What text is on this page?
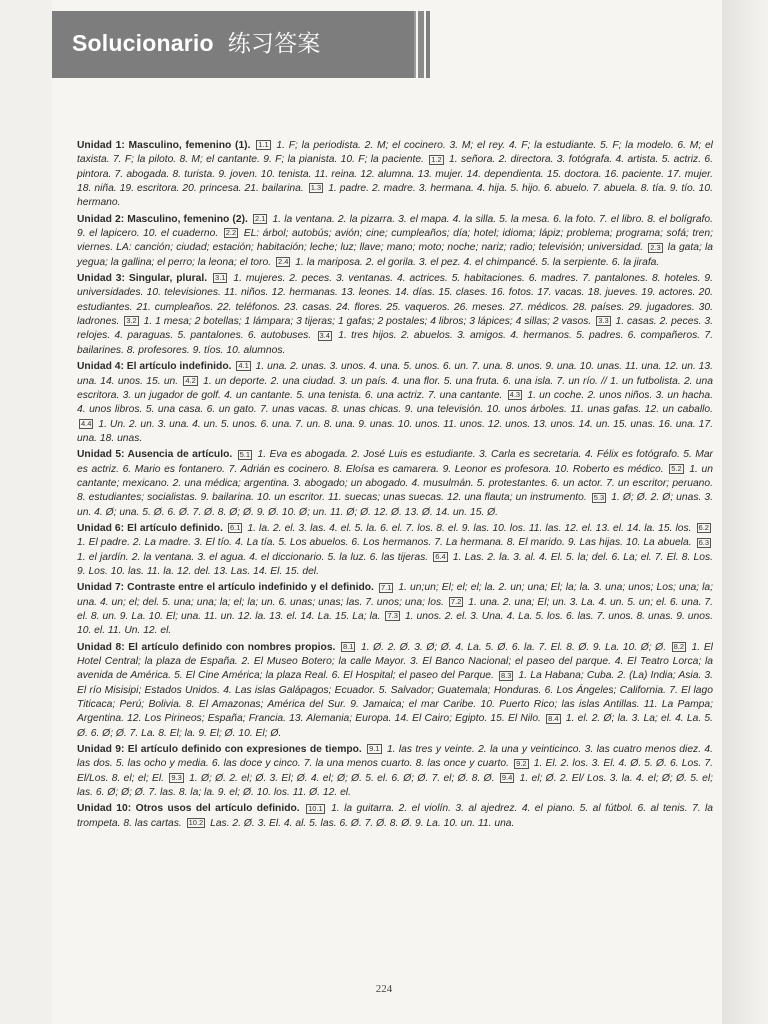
Solucionario 练习答案

Unidad 1: Masculino, femenino (1). 1.1 1. F; la periodista. 2. M; el cocinero. 3. M; el rey. 4. F; la estudiante. 5. F; la modelo. 6. M; el taxista. 7. F; la piloto. 8. M; el cantante. 9. F; la pianista. 10. F; la paciente. 1.2 1. señora. 2. directora. 3. fotógrafa. 4. artista. 5. actriz. 6. pintora. 7. abogada. 8. turista. 9. joven. 10. tenista. 11. reina. 12. alumna. 13. mujer. 14. dependienta. 15. doctora. 16. paciente. 17. mujer. 18. niña. 19. escritora. 20. princesa. 21. bailarina. 1.3 1. padre. 2. madre. 3. hermana. 4. hija. 5. hijo. 6. abuelo. 7. abuela. 8. tía. 9. tío. 10. hermano.

Unidad 2: Masculino, femenino (2). 2.1 1. la ventana. 2. la pizarra. 3. el mapa. 4. la silla. 5. la mesa. 6. la foto. 7. el libro. 8. el bolígrafo. 9. el lapicero. 10. el cuaderno. 2.2 EL: árbol; autobús; avión; cine; cumpleaños; día; hotel; idioma; lápiz; problema; programa; sofá; tren; viernes. LA: canción; ciudad; estación; habitación; leche; luz; llave; mano; moto; noche; nariz; radio; televisión; universidad. 2.3 la gata; la yegua; la gallina; el perro; la leona; el toro. 2.4 1. la mariposa. 2. el gorila. 3. el pez. 4. el chimpancé. 5. la serpiente. 6. la jirafa.

Unidad 3: Singular, plural. 3.1 1. mujeres. 2. peces. 3. ventanas. 4. actrices. 5. habitaciones. 6. madres. 7. pantalones. 8. hoteles. 9. universidades. 10. televisiones. 11. niños. 12. hermanas. 13. leones. 14. días. 15. clases. 16. fotos. 17. vacas. 18. jueves. 19. actores. 20. estudiantes. 21. cumpleaños. 22. teléfonos. 23. casas. 24. flores. 25. vaqueros. 26. meses. 27. médicos. 28. países. 29. jugadores. 30. ladrones. 3.2 1. 1 mesa; 2 botellas; 1 lámpara; 3 tijeras; 1 gafas; 2 postales; 4 libros; 3 lápices; 4 sillas; 2 vasos. 3.3 1. casas. 2. peces. 3. relojes. 4. paraguas. 5. pantalones. 6. autobuses. 3.4 1. tres hijos. 2. abuelos. 3. amigos. 4. hermanos. 5. padres. 6. compañeros. 7. bailarines. 8. profesores. 9. tíos. 10. alumnos.

Unidad 4: El artículo indefinido. 4.1 1. una. 2. unas. 3. unos. 4. una. 5. unos. 6. un. 7. una. 8. unos. 9. una. 10. unas. 11. una. 12. un. 13. una. 14. unos. 15. un. 4.2 1. un deporte. 2. una ciudad. 3. un país. 4. una flor. 5. una fruta. 6. una isla. 7. un río. // 1. un futbolista. 2. una escritora. 3. un jugador de golf. 4. un cantante. 5. una tenista. 6. una actriz. 7. una cantante. 4.3 1. un coche. 2. unos niños. 3. un hacha. 4. unos libros. 5. una casa. 6. un gato. 7. unas vacas. 8. unas chicas. 9. una televisión. 10. unos árboles. 11. unas gafas. 12. un caballo. 4.4 1. Un. 2. un. 3. una. 4. un. 5. unos. 6. una. 7. un. 8. una. 9. unas. 10. unos. 11. unos. 12. unos. 13. unos. 14. un. 15. unas. 16. una. 17. una. 18. unas.

Unidad 5: Ausencia de artículo. 5.1 1. Eva es abogada. 2. José Luis es estudiante. 3. Carla es secretaria. 4. Félix es fotógrafo. 5. Mar es actriz. 6. Mario es fontanero. 7. Adrián es cocinero. 8. Eloísa es camarera. 9. Leonor es profesora. 10. Roberto es médico. 5.2 1. un cantante; mexicano. 2. una médica; argentina. 3. abogado; un abogado. 4. musulmán. 5. protestantes. 6. un actor. 7. un escritor; peruano. 8. estudiantes; socialistas. 9. bailarina. 10. un escritor. 11. suecas; unas suecas. 12. una flauta; un instrumento. 5.3 1. Ø; Ø. 2. Ø; unas. 3. un. 4. Ø; una. 5. Ø. 6. Ø. 7. Ø. 8. Ø; Ø. 9. Ø. 10. Ø; un. 11. Ø; Ø. 12. Ø. 13. Ø. 14. un. 15. Ø.

Unidad 6: El artículo definido. 6.1 1. la. 2. el. 3. las. 4. el. 5. la. 6. el. 7. los. 8. el. 9. las. 10. los. 11. las. 12. el. 13. el. 14. la. 15. los. 6.2 1. El padre. 2. La madre. 3. El tío. 4. La tía. 5. Los abuelos. 6. Los hermanos. 7. La hermana. 8. El marido. 9. Las hijas. 10. La abuela. 6.3 1. el jardín. 2. la ventana. 3. el agua. 4. el diccionario. 5. la luz. 6. las tijeras. 6.4 1. Las. 2. la. 3. al. 4. El. 5. la; del. 6. La; el. 7. El. 8. Los. 9. Los. 10. las. 11. la. 12. del. 13. Las. 14. El. 15. del.

Unidad 7: Contraste entre el artículo indefinido y el definido. 7.1 1. un;un; El; el; el; la. 2. un; una; El; la; la. 3. una; unos; Los; una; la; una. 4. un; el; del. 5. una; una; la; el; la; un. 6. unas; unas; las. 7. unos; una; los. 7.2 1. una. 2. una; El; un. 3. La. 4. un. 5. un; el. 6. una. 7. el. 8. un. 9. La. 10. El; una. 11. un. 12. la. 13. el. 14. La. 15. La; la. 7.3 1. unos. 2. el. 3. Una. 4. La. 5. los. 6. las. 7. unos. 8. unas. 9. unos. 10. el. 11. Un. 12. el.

Unidad 8: El artículo definido con nombres propios. 8.1 1. Ø. 2. Ø. 3. Ø; Ø. 4. La. 5. Ø. 6. la. 7. El. 8. Ø. 9. La. 10. Ø; Ø. 8.2 1. El Hotel Central; la plaza de España. 2. El Museo Botero; la calle Mayor. 3. El Banco Nacional; el paseo del parque. 4. El Teatro Lorca; la avenida de América. 5. El Cine América; la plaza Real. 6. El Hospital; el paseo del Parque. 8.3 1. La Habana; Cuba. 2. (La) India; Asia. 3. El río Misisipi; Estados Unidos. 4. Las islas Galápagos; Ecuador. 5. Salvador; Guatemala; Honduras. 6. Los Ángeles; California. 7. El lago Titicaca; Perú; Bolivia. 8. El Amazonas; América del Sur. 9. Jamaica; el mar Caribe. 10. Puerto Rico; las islas Antillas. 11. La Pampa; Argentina. 12. Los Pirineos; España; Francia. 13. Alemania; Europa. 14. El Cairo; Egipto. 15. El Nilo. 8.4 1. el. 2. Ø; la. 3. La; el. 4. La. 5. Ø. 6. Ø; Ø. 7. La. 8. El; la. 9. El; Ø. 10. El; Ø.

Unidad 9: El artículo definido con expresiones de tiempo. 9.1 1. las tres y veinte. 2. la una y veinticinco. 3. las cuatro menos diez. 4. las dos. 5. las ocho y media. 6. las doce y cinco. 7. la una menos cuarto. 8. las once y cuarto. 9.2 1. El. 2. los. 3. El. 4. Ø. 5. Ø. 6. Los. 7. El/Los. 8. el; el; El. 9.3 1. Ø; Ø. 2. el; Ø. 3. El; Ø. 4. el; Ø; Ø. 5. el. 6. Ø; Ø. 7. el; Ø. 8. Ø. 9.4 1. el; Ø. 2. El/ Los. 3. la. 4. el; Ø; Ø. 5. el; las. 6. Ø; Ø; Ø. 7. las. 8. la; la. 9. el; Ø. 10. los. 11. Ø. 12. el.

Unidad 10: Otros usos del artículo definido. 10.1 1. la guitarra. 2. el violín. 3. al ajedrez. 4. el piano. 5. al fútbol. 6. al tenis. 7. la trompeta. 8. las cartas. 10.2 Las. 2. Ø. 3. El. 4. al. 5. las. 6. Ø. 7. Ø. 8. Ø. 9. La. 10. un. 11. una.

224
